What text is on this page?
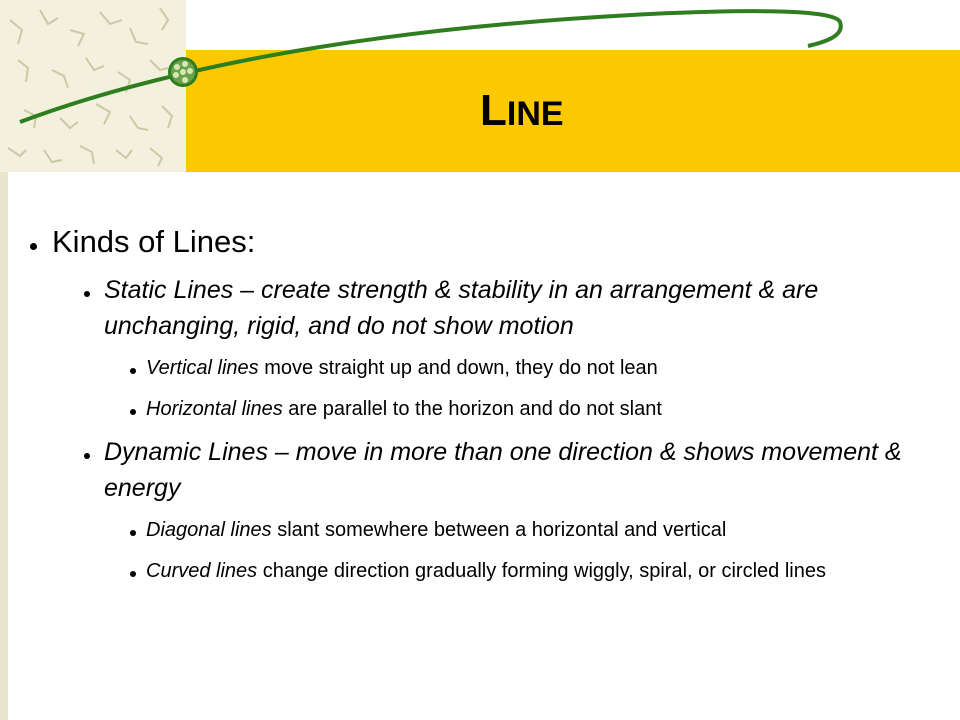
LINE
Kinds of Lines:
Static Lines – create strength & stability in an arrangement & are unchanging, rigid, and do not show motion
Vertical lines move straight up and down, they do not lean
Horizontal lines are parallel to the horizon and do not slant
Dynamic Lines – move in more than one direction & shows movement & energy
Diagonal lines slant somewhere between a horizontal and vertical
Curved lines change direction gradually forming wiggly, spiral, or circled lines
